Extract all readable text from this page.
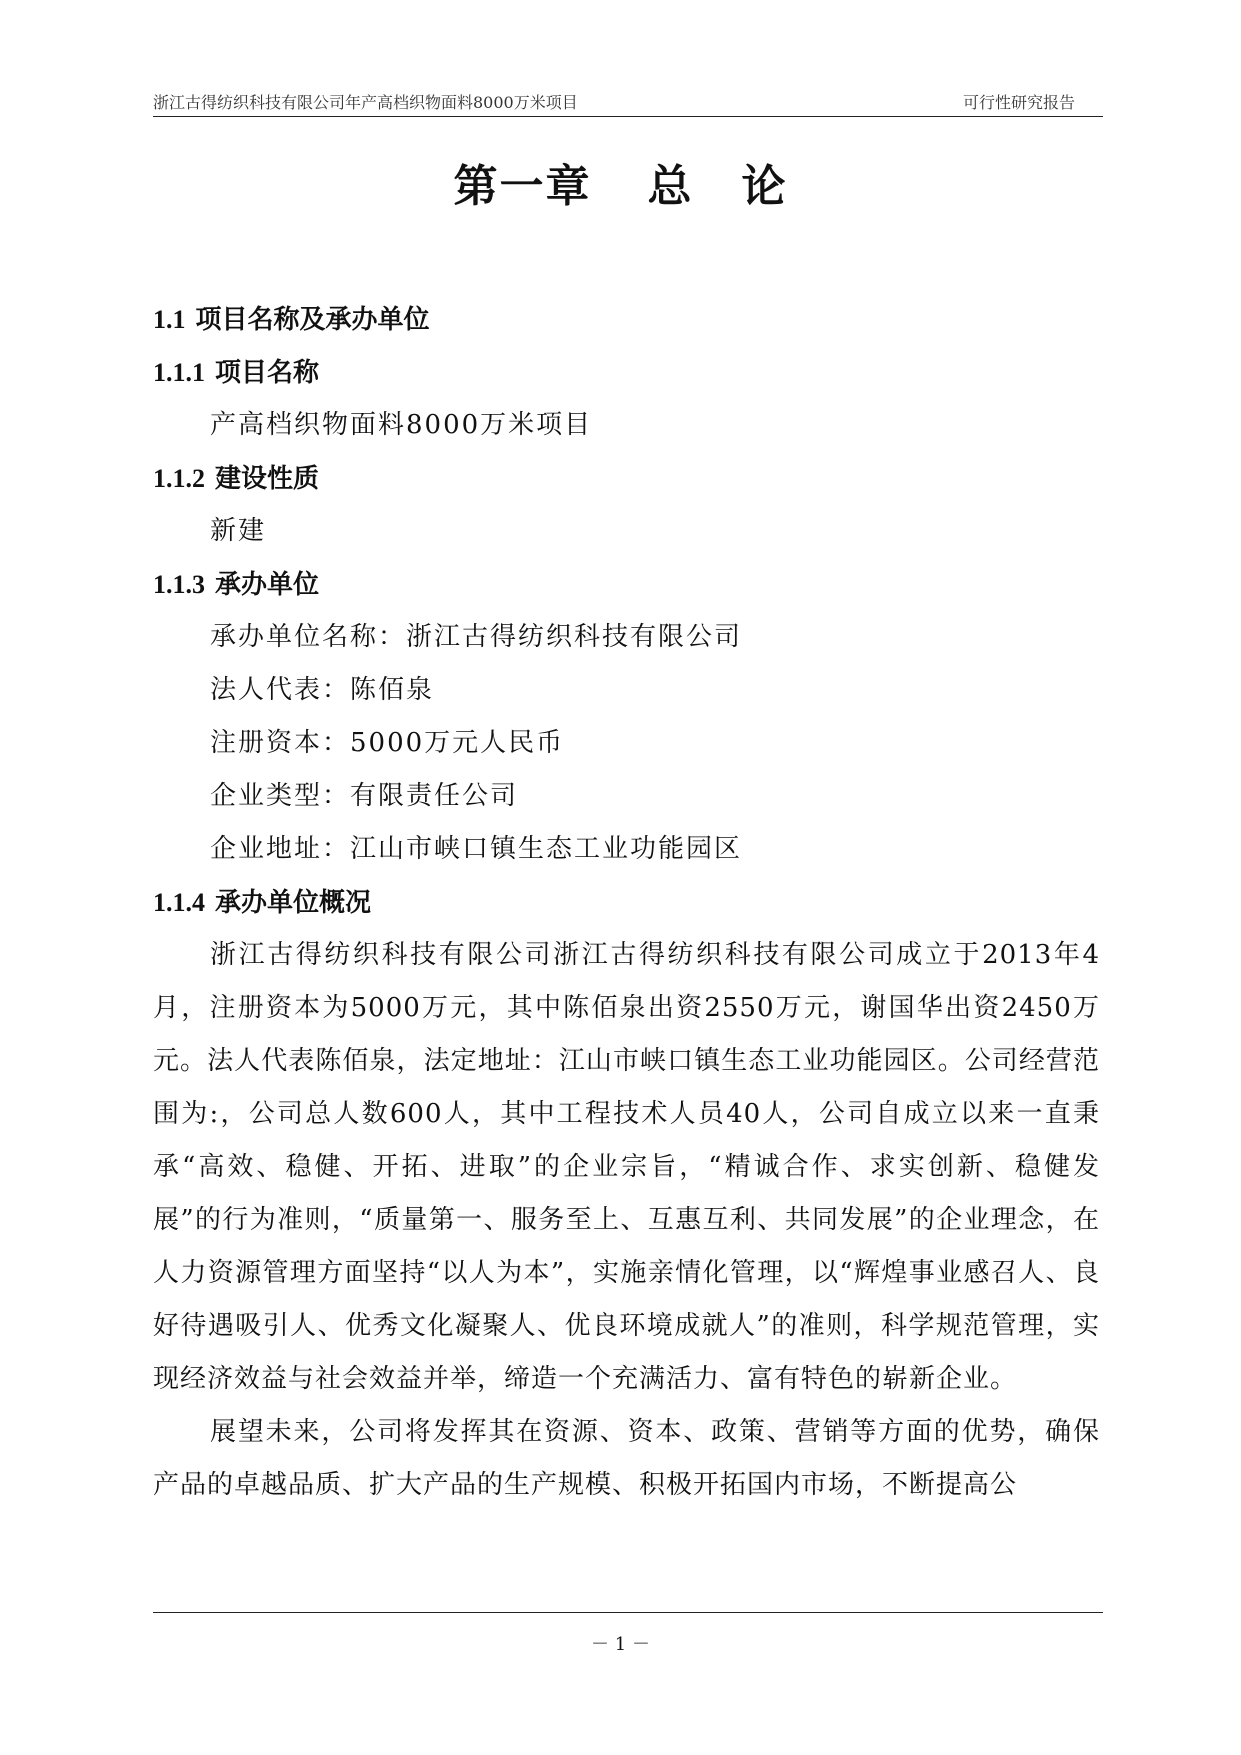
浙江古得纺织科技有限公司年产高档织物面料8000万米项目	可行性研究报告
第一章 总 论
1.1 项目名称及承办单位
1.1.1 项目名称
产高档织物面料8000万米项目
1.1.2 建设性质
新建
1.1.3 承办单位
承办单位名称：浙江古得纺织科技有限公司
法人代表：陈佰泉
注册资本：5000万元人民币
企业类型：有限责任公司
企业地址：江山市峡口镇生态工业功能园区
1.1.4 承办单位概况

浙江古得纺织科技有限公司浙江古得纺织科技有限公司成立于2013年4月，注册资本为5000万元，其中陈佰泉出资2550万元，谢国华出资2450万元。法人代表陈佰泉，法定地址：江山市峡口镇生态工业功能园区。公司经营范围为:，公司总人数600人，其中工程技术人员40人，公司自成立以来一直秉承“高效、稳健、开拓、进取”的企业宗旨，“精诚合作、求实创新、稳健发展”的行为准则，“质量第一、服务至上、互惠互利、共同发展”的企业理念，在人力资源管理方面坚持“以人为本”，实施亲情化管理，以“辉煌事业感召人、良好待遇吸引人、优秀文化凝聚人、优良环境成就人”的准则，科学规范管理，实现经济效益与社会效益并举，缔造一个充满活力、富有特色的崭新企业。

展望未来，公司将发挥其在资源、资本、政策、营销等方面的优势，确保产品的卓越品质、扩大产品的生产规模、积极开拓国内市场，不断提高公

－ 1 －
